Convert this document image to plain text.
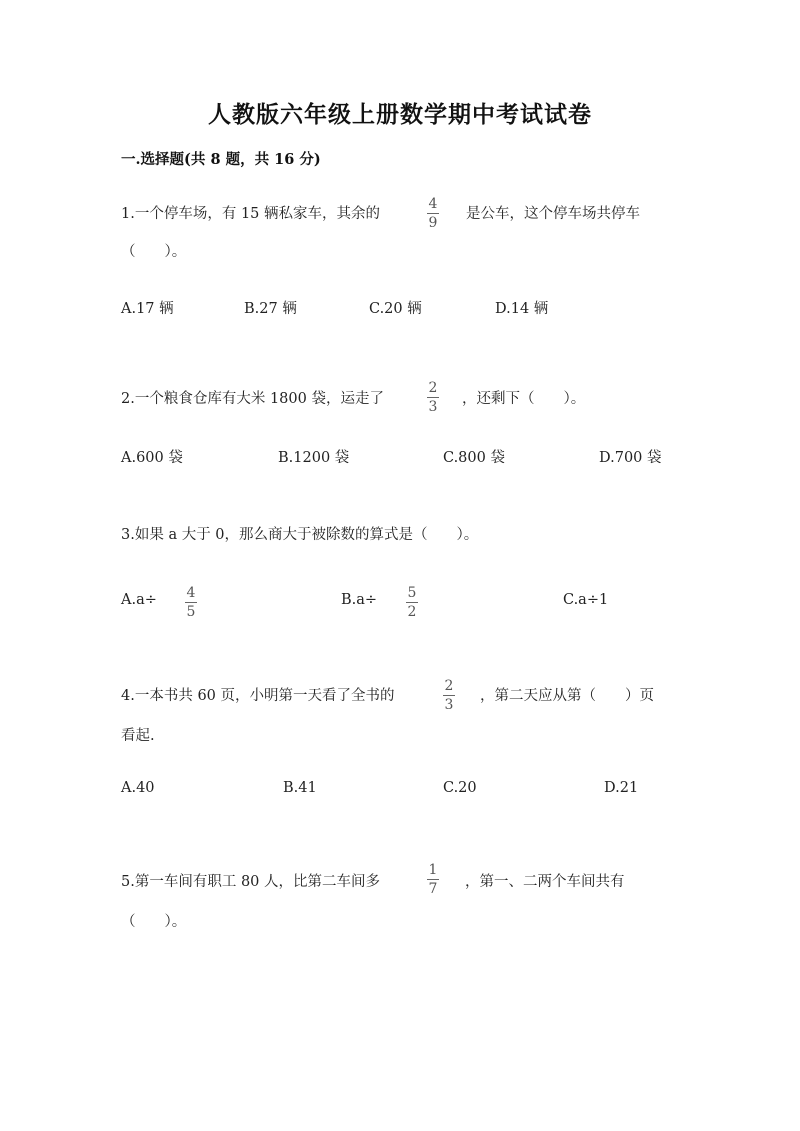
人教版六年级上册数学期中考试试卷
一.选择题(共 8 题，共 16 分)
1.一个停车场，有 15 辆私家车，其余的
4
9
是公车，这个停车场共停车
（　　）。
A.17 辆	B.27 辆	C.20 辆	D.14 辆
2.一个粮食仓库有大米 1800 袋，运走了
2
3 ，还剩下（　　）。
A.600 袋	B.1200 袋	C.800 袋	D.700 袋
3.如果 a 大于 0，那么商大于被除数的算式是（　　）。
A.a÷ 4
5
B.a÷ 5
2
C.a÷1
4.一本书共 60 页，小明第一天看了全书的
2
3
，第二天应从第（　　）页
看起.
A.40	B.41	C.20	D.21
5.第一车间有职工 80 人，比第二车间多
1
7 ，第一、二两个车间共有
（　　）。
